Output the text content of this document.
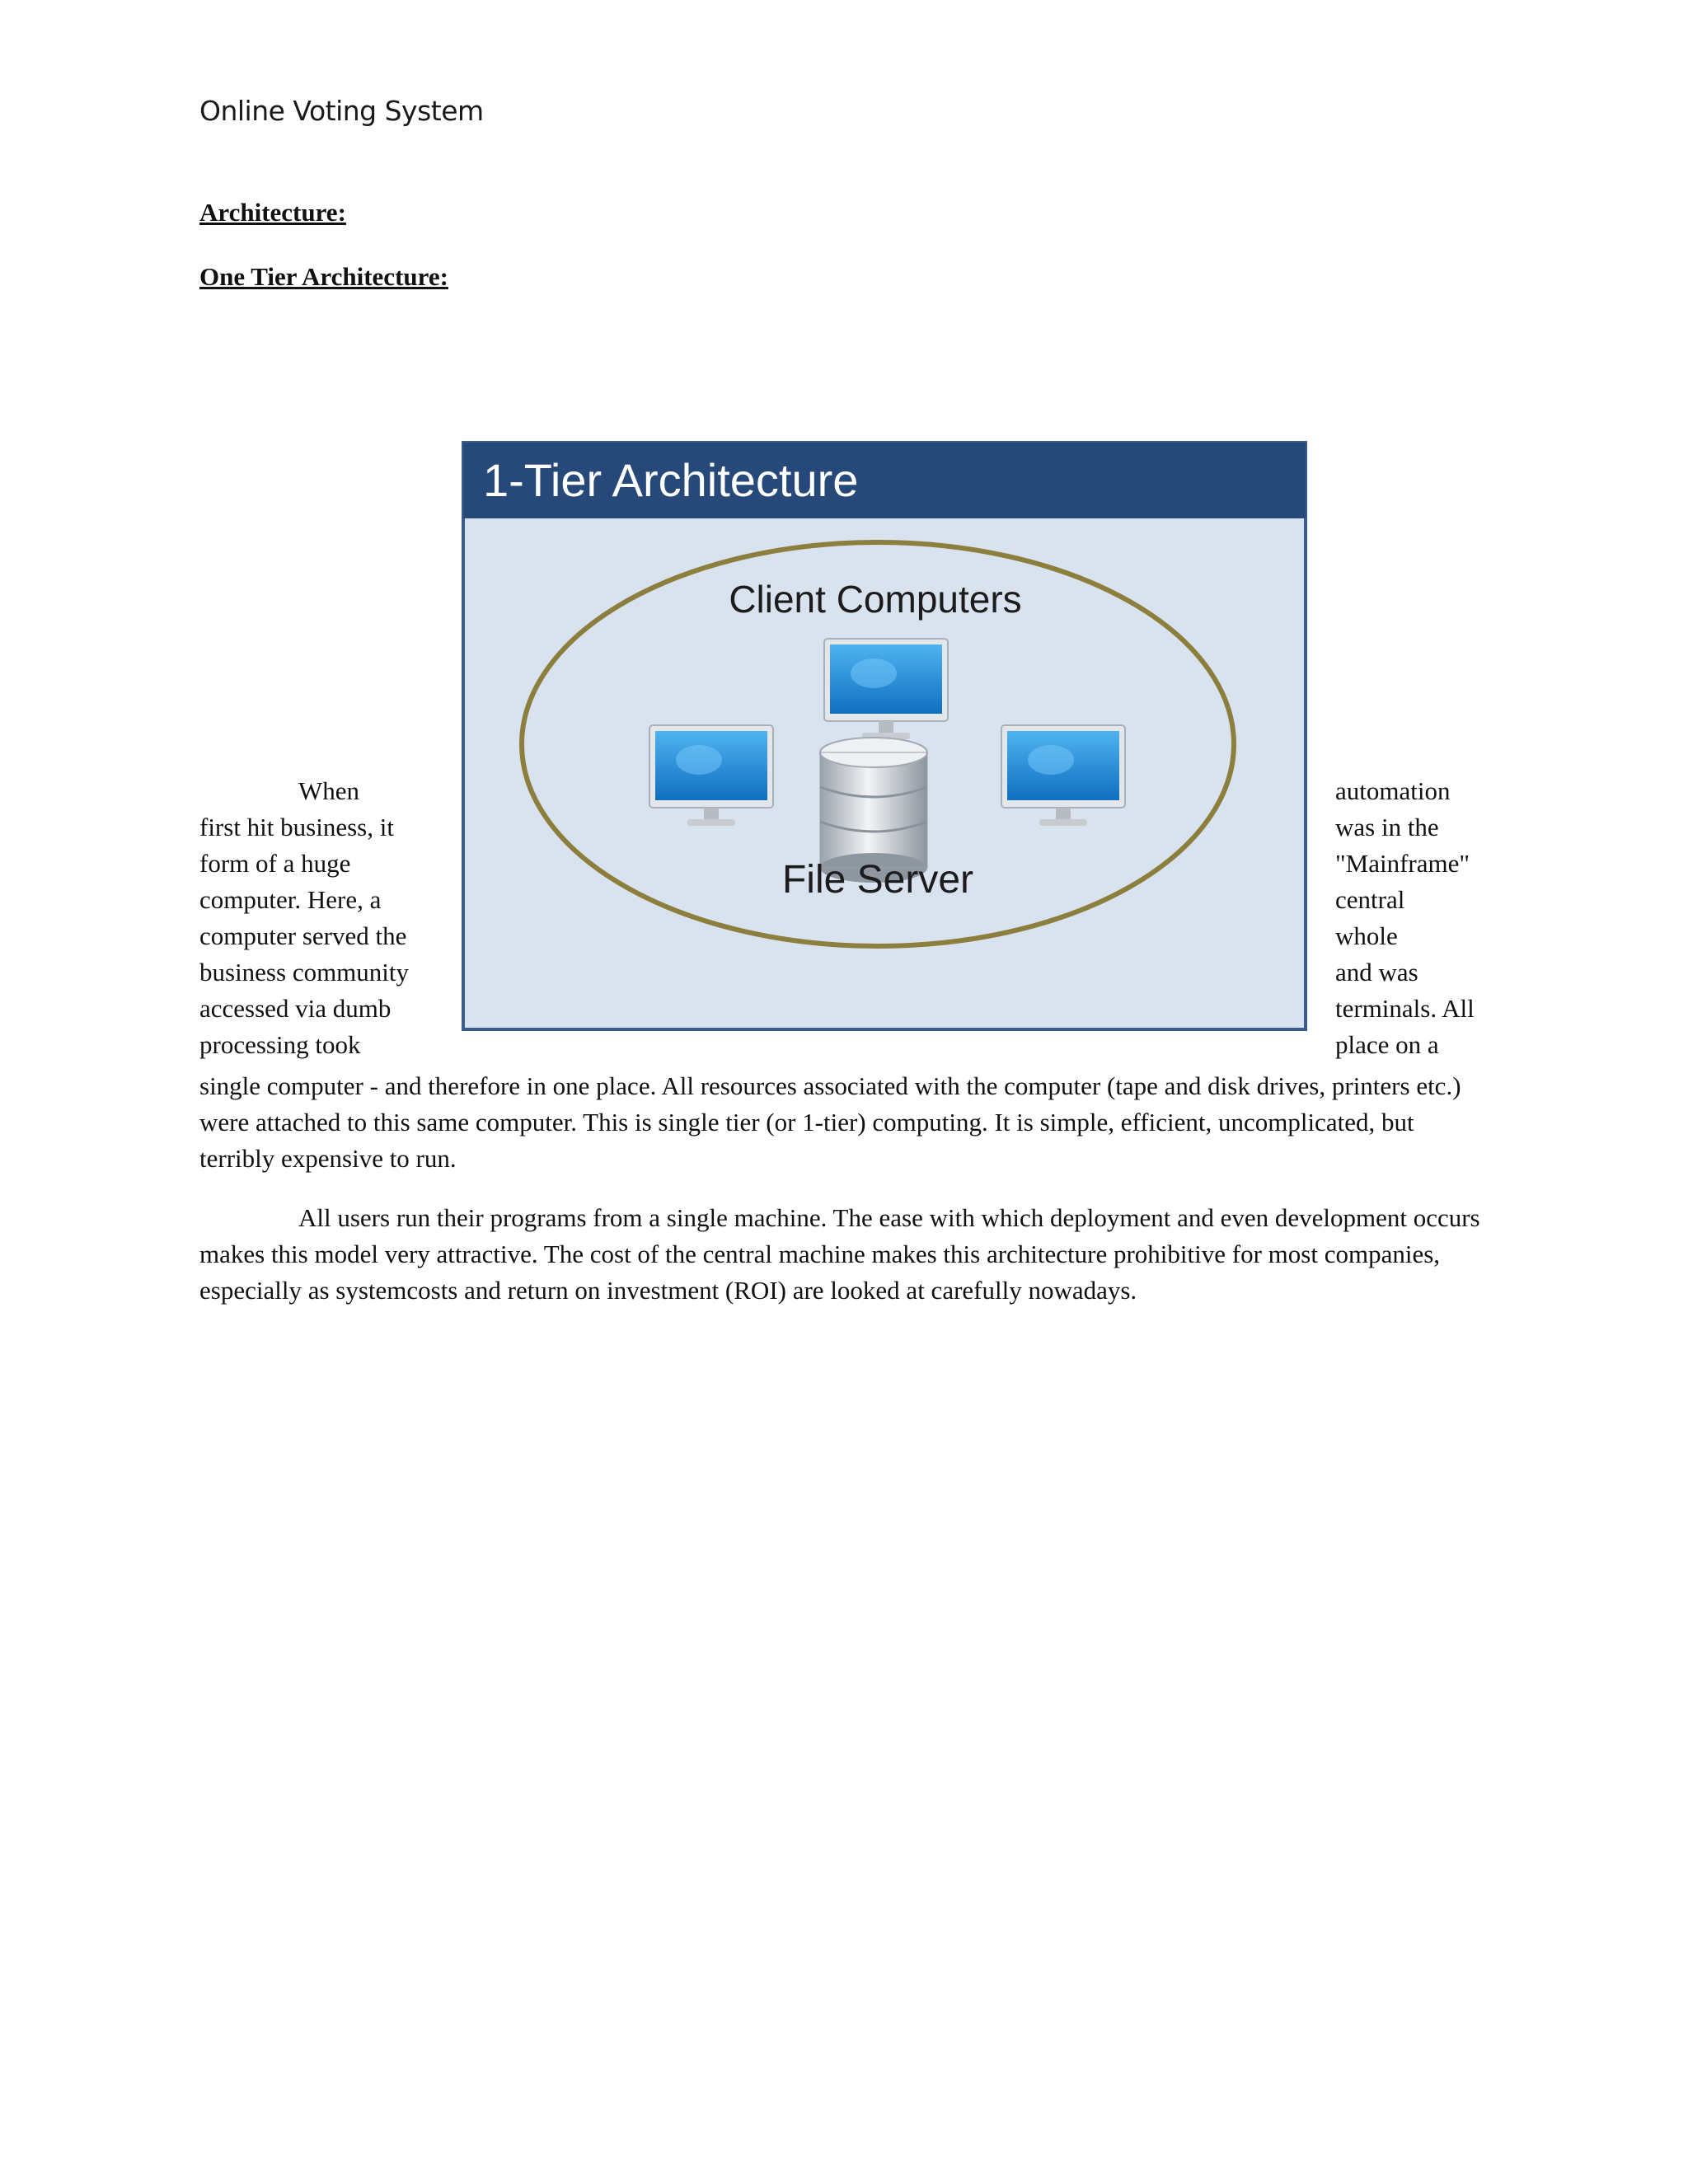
Online Voting System
Architecture:
One Tier Architecture:
When
first hit business, it
form of a huge
computer. Here, a
computer served the
business community
accessed via dumb
processing took
automation
was in the
"Mainframe"
central
whole
and was
terminals. All
place on a
1-Tier Architecture
Client Computers
File Server
single computer - and therefore in one place. All resources associated with the computer (tape and disk drives, printers etc.) were attached to this same computer. This is single tier (or 1-tier) computing. It is simple, efficient, uncomplicated, but terribly expensive to run.
All users run their programs from a single machine. The ease with which deployment and even development occurs makes this model very attractive. The cost of the central machine makes this architecture prohibitive for most companies, especially as systemcosts and return on investment (ROI) are looked at carefully nowadays.
